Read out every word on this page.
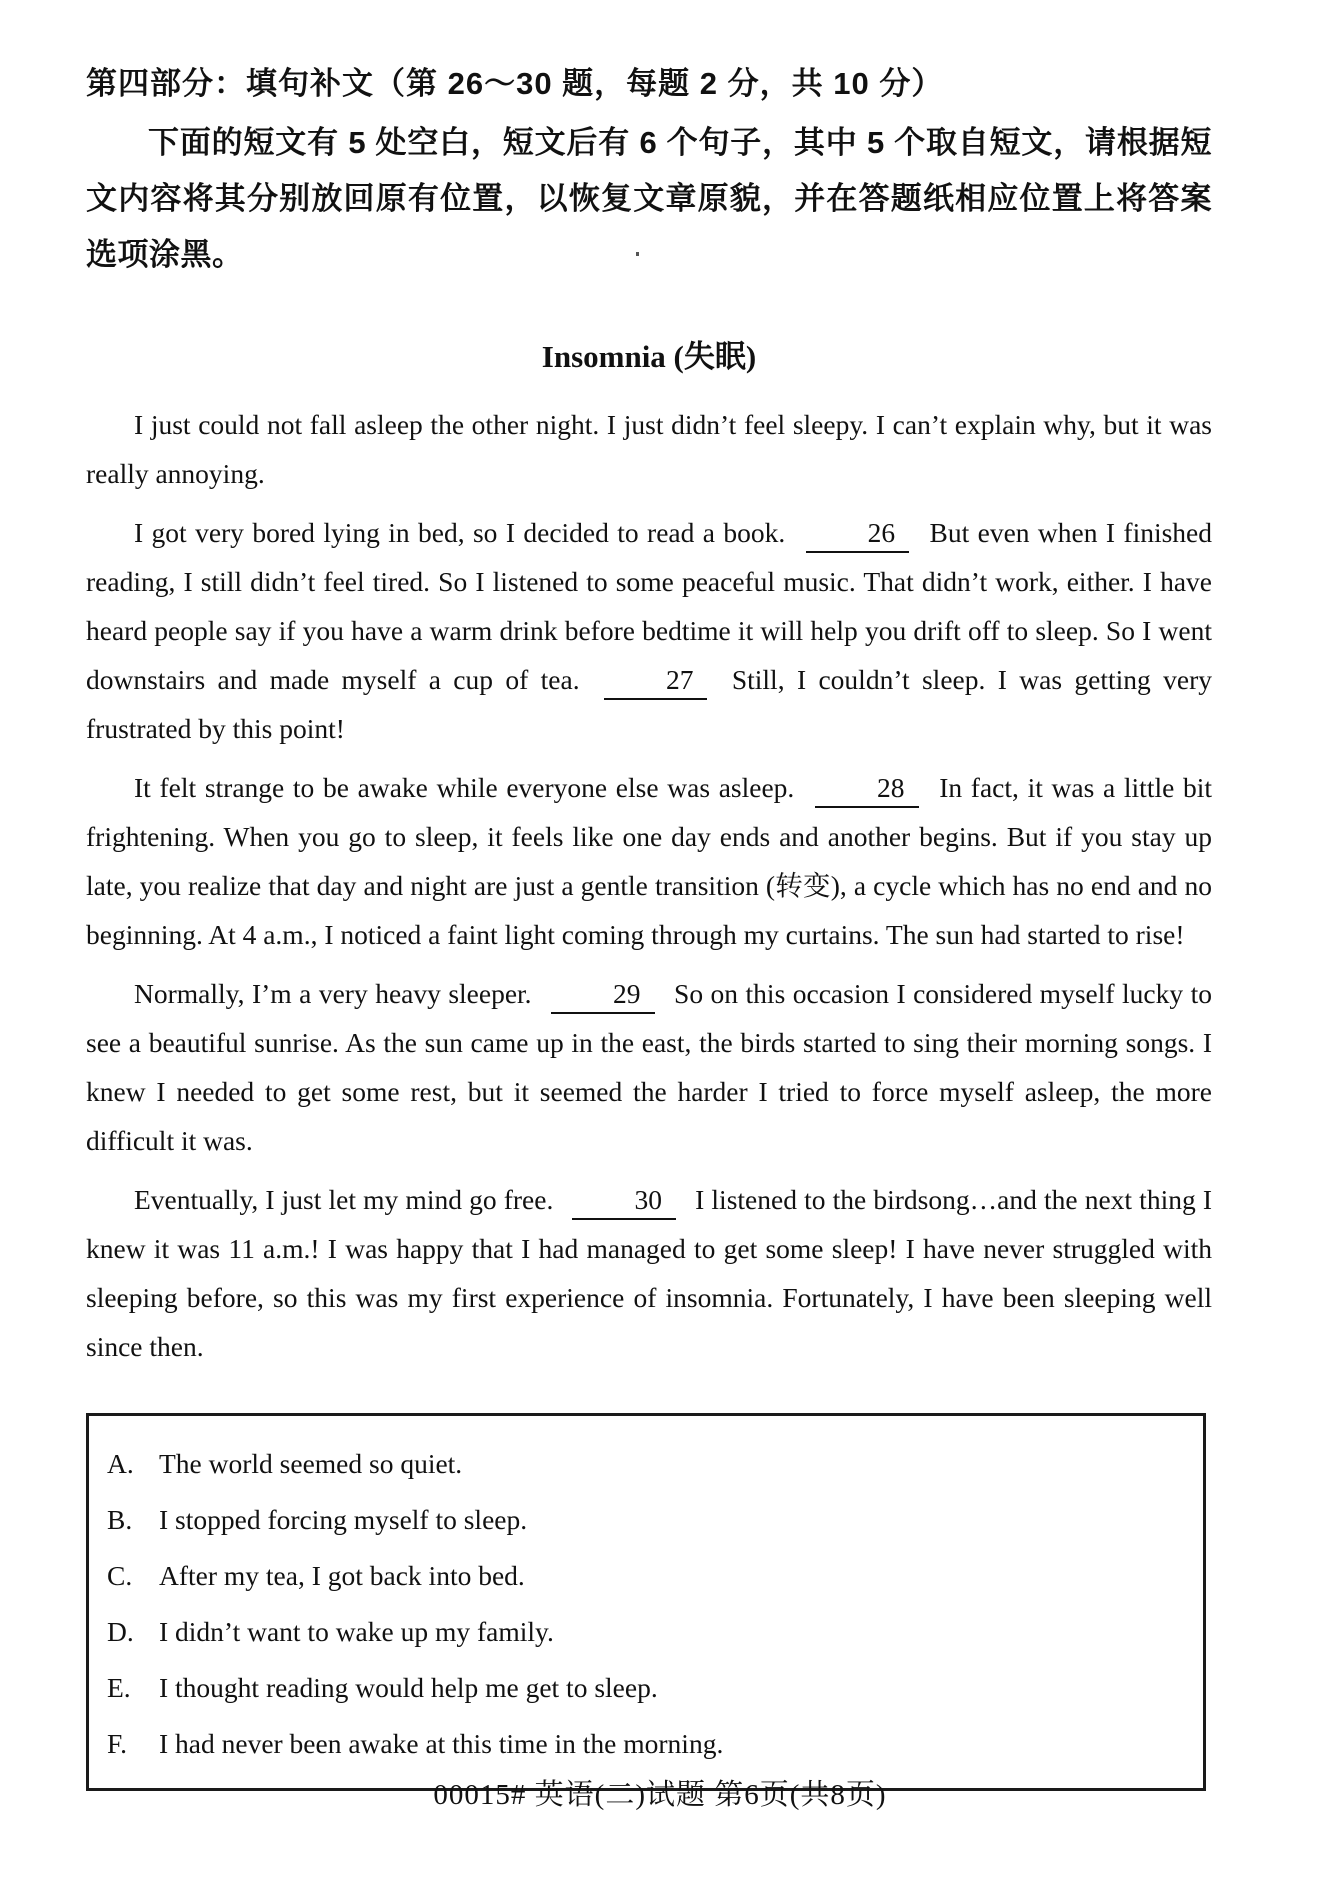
第四部分：填句补文（第 26～30 题，每题 2 分，共 10 分）

下面的短文有 5 处空白，短文后有 6 个句子，其中 5 个取自短文，请根据短文内容将其分别放回原有位置，以恢复文章原貌，并在答题纸相应位置上将答案选项涂黑。

Insomnia (失眠)

I just could not fall asleep the other night. I just didn’t feel sleepy. I can’t explain why, but it was really annoying.

I got very bored lying in bed, so I decided to read a book.	26 But even when I finished reading, I still didn’t feel tired. So I listened to some peaceful music. That didn’t work, either. I have heard people say if you have a warm drink before bedtime it will help you drift off to sleep. So I went downstairs and made myself a cup of tea.	27 Still, I couldn’t sleep. I was getting very frustrated by this point!

It felt strange to be awake while everyone else was asleep.	28 In fact, it was a little bit frightening. When you go to sleep, it feels like one day ends and another begins. But if you stay up late, you realize that day and night are just a gentle transition (转变), a cycle which has no end and no beginning. At 4 a.m., I noticed a faint light coming through my curtains. The sun had started to rise!

Normally, I’m a very heavy sleeper.	29 So on this occasion I considered myself lucky to see a beautiful sunrise. As the sun came up in the east, the birds started to sing their morning songs. I knew I needed to get some rest, but it seemed the harder I tried to force myself asleep, the more difficult it was.

Eventually, I just let my mind go free.	30 I listened to the birdsong…and the next thing I knew it was 11 a.m.! I was happy that I had managed to get some sleep! I have never struggled with sleeping before, so this was my first experience of insomnia. Fortunately, I have been sleeping well since then.

A. The world seemed so quiet.
B. I stopped forcing myself to sleep.
C. After my tea, I got back into bed.
D. I didn’t want to wake up my family.
E.	I thought reading would help me get to sleep.
F.	I had never been awake at this time in the morning.
00015# 英语(二)试题 第6页(共8页)
